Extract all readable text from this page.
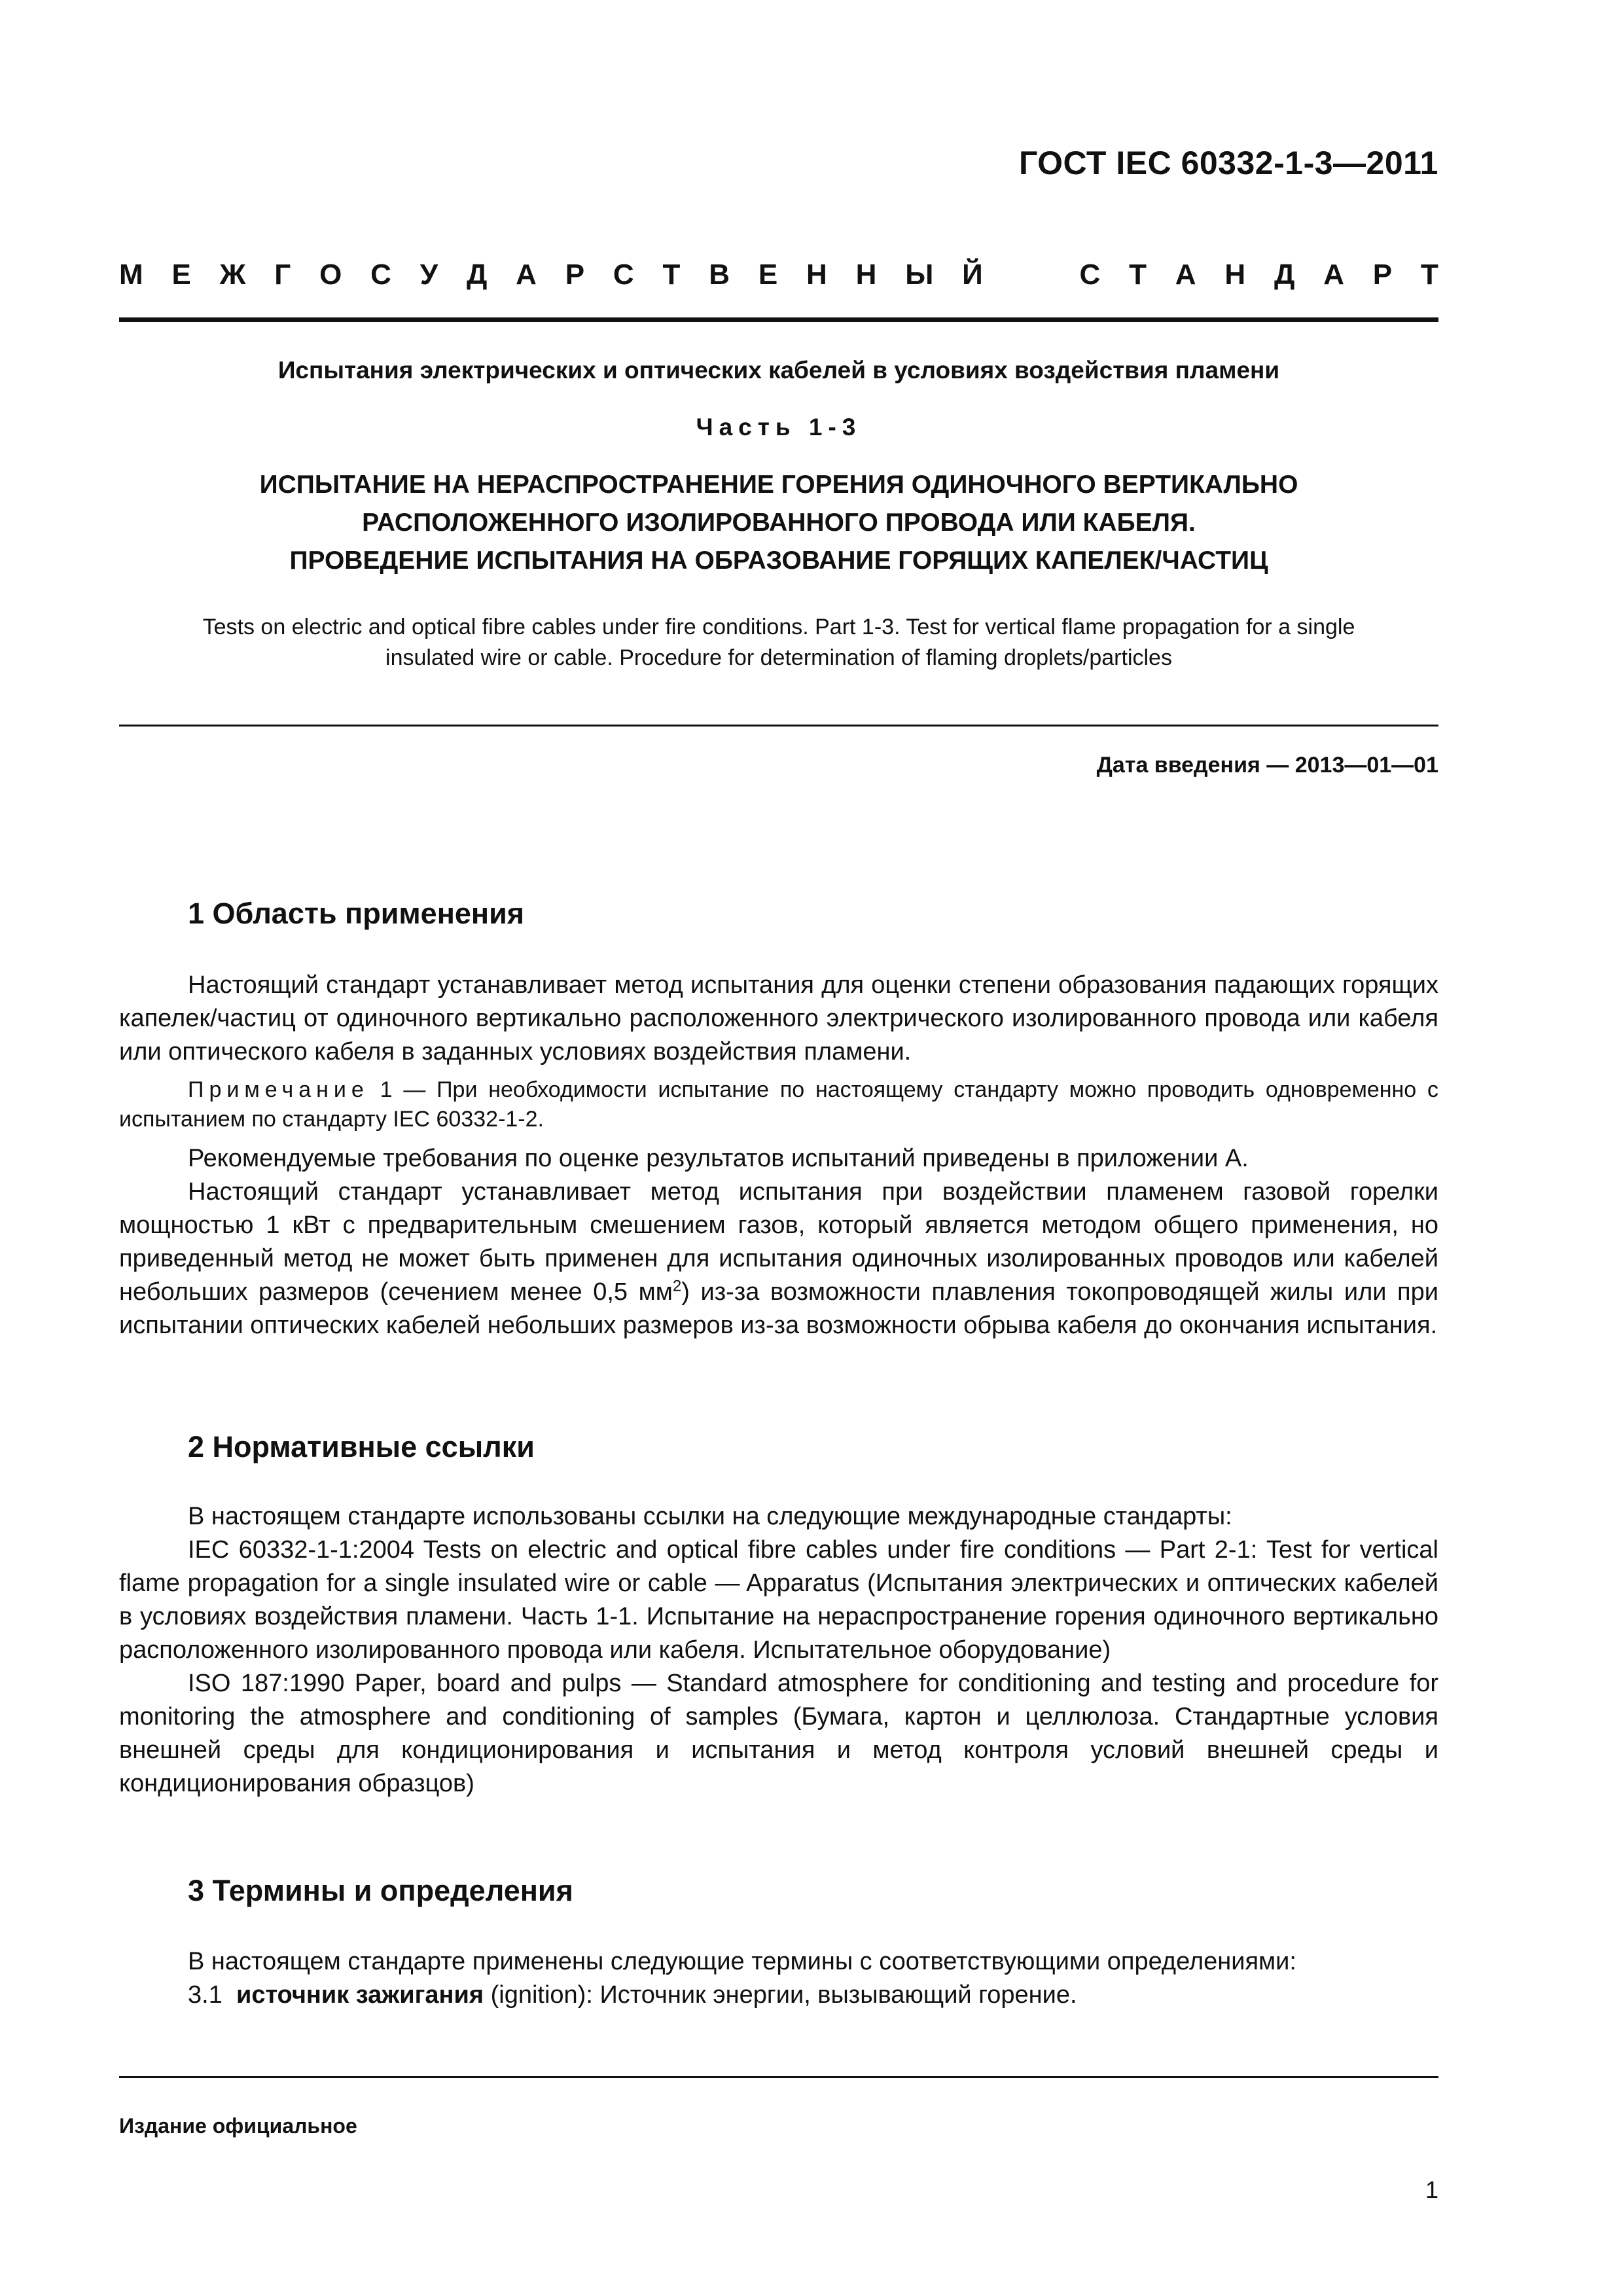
ГОСТ IEC 60332-1-3—2011
М Е Ж Г О С У Д А Р С Т В Е Н Н Ы Й	С Т А Н Д А Р Т
Испытания электрических и оптических кабелей в условиях воздействия пламени
Часть 1-3
ИСПЫТАНИЕ НА НЕРАСПРОСТРАНЕНИЕ ГОРЕНИЯ ОДИНОЧНОГО ВЕРТИКАЛЬНО
РАСПОЛОЖЕННОГО ИЗОЛИРОВАННОГО ПРОВОДА ИЛИ КАБЕЛЯ.
ПРОВЕДЕНИЕ ИСПЫТАНИЯ НА ОБРАЗОВАНИЕ ГОРЯЩИХ КАПЕЛЕК/ЧАСТИЦ
Tests on electric and optical fibre cables under fire conditions. Part 1-3. Test for vertical flame propagation for a single
insulated wire or cable. Procedure for determination of flaming droplets/particles
Дата введения — 2013—01—01
1 Область применения

Настоящий стандарт устанавливает метод испытания для оценки степени образования падающих горящих капелек/частиц от одиночного вертикально расположенного электрического изолированного провода или кабеля или оптического кабеля в заданных условиях воздействия пламени.

Примечание 1 — При необходимости испытание по настоящему стандарту можно проводить одновременно с испытанием по стандарту IEC 60332-1-2.

Рекомендуемые требования по оценке результатов испытаний приведены в приложении А.

Настоящий стандарт устанавливает метод испытания при воздействии пламенем газовой горелки мощностью 1 кВт с предварительным смешением газов, который является методом общего применения, но приведенный метод не может быть применен для испытания одиночных изолированных проводов или кабелей небольших размеров (сечением менее 0,5 $мм^2$) из-за возможности плавления токопроводящей жилы или при испытании оптических кабелей небольших размеров из-за возможности обрыва кабеля до окончания испытания.

2 Нормативные ссылки

В настоящем стандарте использованы ссылки на следующие международные стандарты:

IEC 60332-1-1:2004 Tests on electric and optical fibre cables under fire conditions — Part 2-1: Test for vertical flame propagation for a single insulated wire or cable — Apparatus (Испытания электрических и оптических кабелей в условиях воздействия пламени. Часть 1-1. Испытание на нераспространение горения одиночного вертикально расположенного изолированного провода или кабеля. Испытательное оборудование)

ISO 187:1990 Paper, board and pulps — Standard atmosphere for conditioning and testing and procedure for monitoring the atmosphere and conditioning of samples (Бумага, картон и целлюлоза. Стандартные условия внешней среды для кондиционирования и испытания и метод контроля условий внешней среды и кондиционирования образцов)

3 Термины и определения

В настоящем стандарте применены следующие термины с соответствующими определениями:

3.1 источник зажигания (ignition): Источник энергии, вызывающий горение.

Издание официальное
1
